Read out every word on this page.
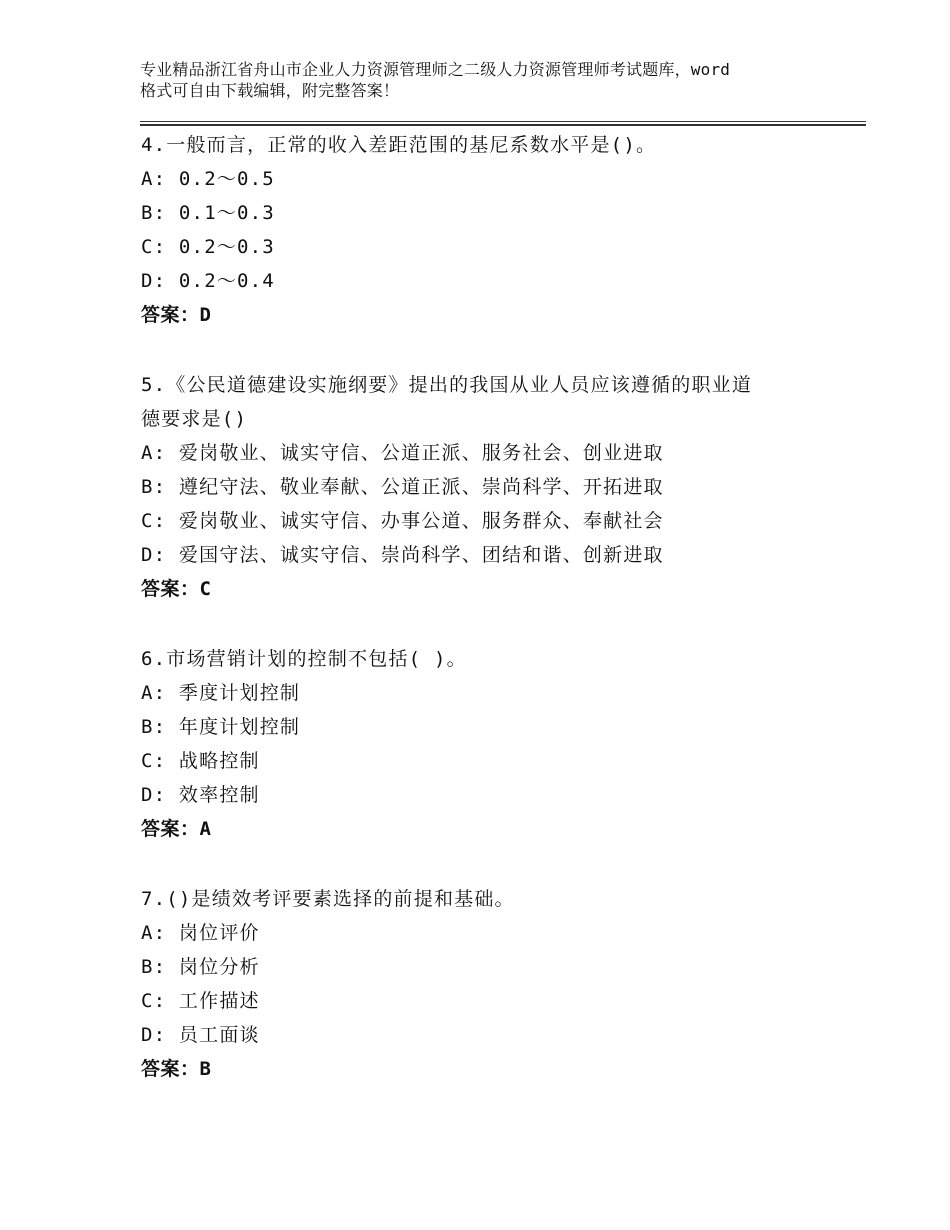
专业精品浙江省舟山市企业人力资源管理师之二级人力资源管理师考试题库，word
格式可自由下载编辑，附完整答案！
4.一般而言，正常的收入差距范围的基尼系数水平是()。
A: 0.2～0.5
B: 0.1～0.3
C: 0.2～0.3
D: 0.2～0.4
答案：D
5.《公民道德建设实施纲要》提出的我国从业人员应该遵循的职业道
德要求是()
A: 爱岗敬业、诚实守信、公道正派、服务社会、创业进取
B: 遵纪守法、敬业奉献、公道正派、崇尚科学、开拓进取
C: 爱岗敬业、诚实守信、办事公道、服务群众、奉献社会
D: 爱国守法、诚实守信、崇尚科学、团结和谐、创新进取
答案：C
6.市场营销计划的控制不包括( )。
A: 季度计划控制
B: 年度计划控制
C: 战略控制
D: 效率控制
答案：A
7.()是绩效考评要素选择的前提和基础。
A: 岗位评价
B: 岗位分析
C: 工作描述
D: 员工面谈
答案：B
